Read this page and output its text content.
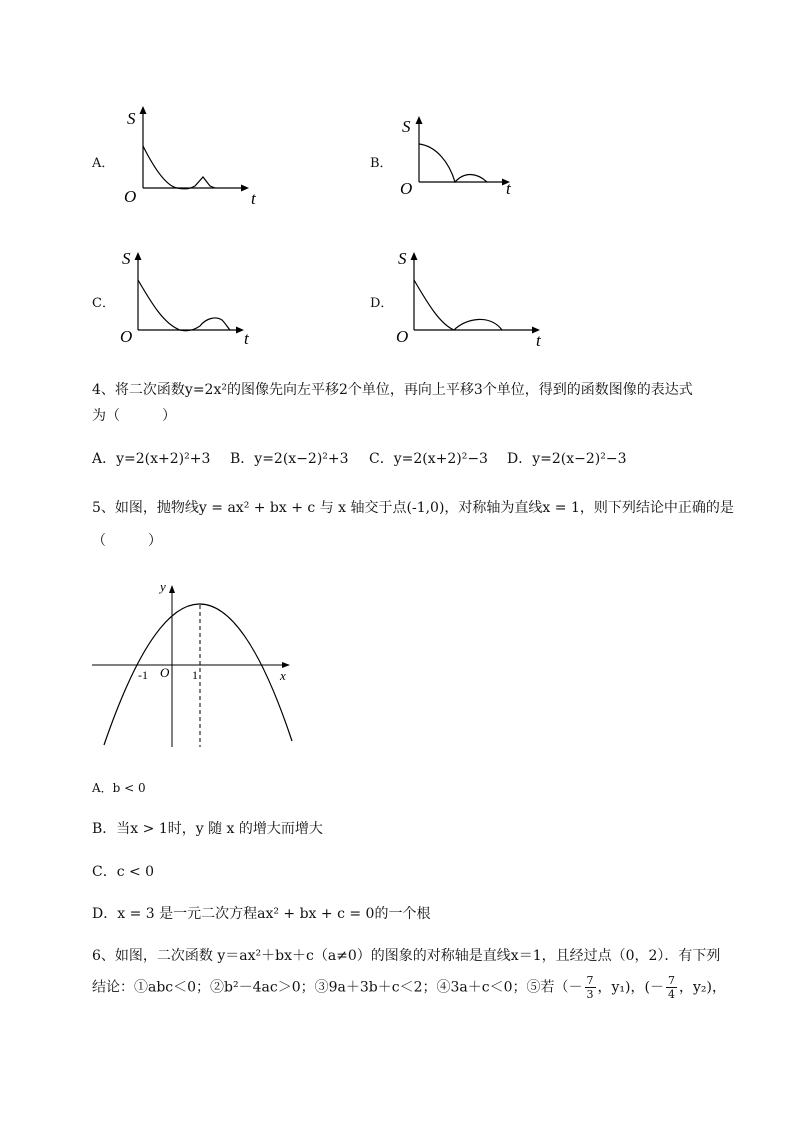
A．
S
O	t
B．
S
O	t
C．
S
O	t
D．
S
O	t
4、将二次函数y=2x²的图像先向左平移2个单位，再向上平移3个单位，得到的函数图像的表达式
为（　　　）
A．y=2(x+2)²+3 B．y=2(x−2)²+3 C．y=2(x+2)²−3 D．y=2(x−2)²−3
5、如图，抛物线y = ax² + bx + c 与 x 轴交于点(-1,0)，对称轴为直线x = 1，则下列结论中正确的是
（　　　）
y
x
-1 O 1
A．b < 0
B．当x > 1时，y 随 x 的增大而增大
C．c < 0
D．x = 3 是一元二次方程ax² + bx + c = 0的一个根
6、如图，二次函数 y＝ax²＋bx＋c（a≠0）的图象的对称轴是直线x＝1，且经过点（0，2）．有下列
结论：①abc＜0；②b²－4ac＞0；③9a＋3b＋c＜2；④3a＋c＜0；⑤若（－ $\frac{7}{3}$ ，y₁)，(－ $\frac{7}{4}$ ，y₂)，
